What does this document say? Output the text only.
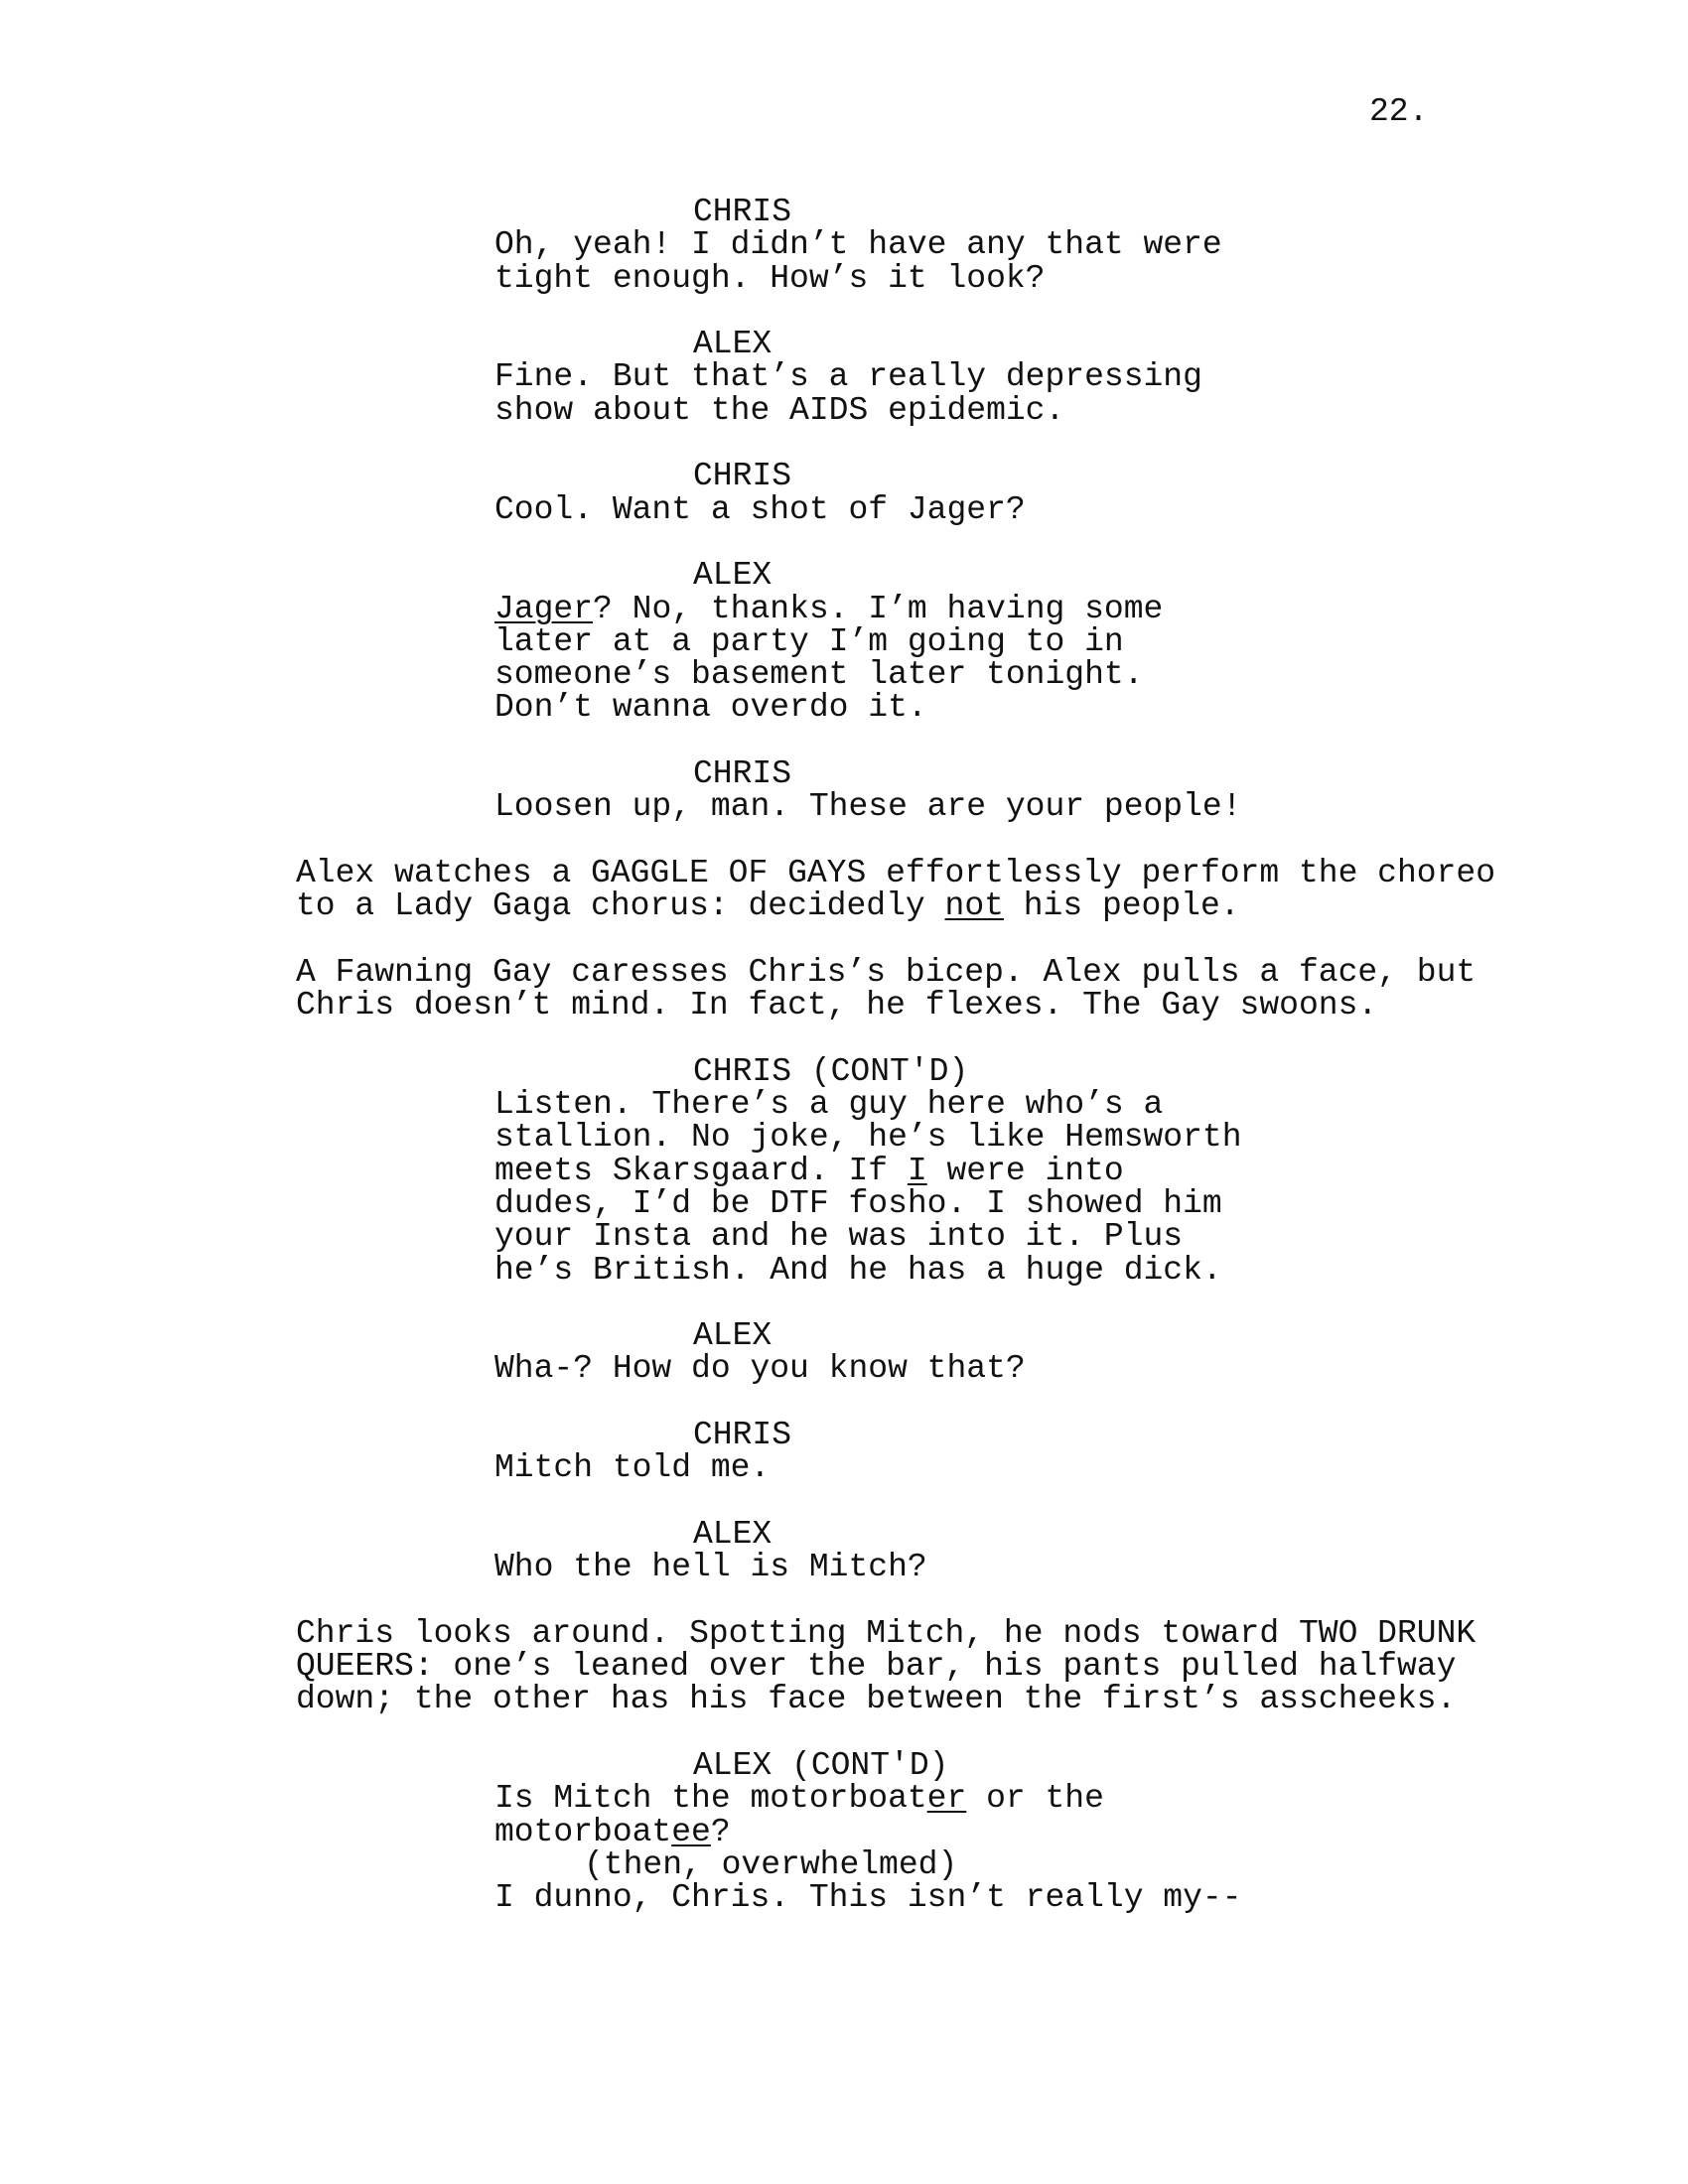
22.
CHRIS
Oh, yeah! I didn’t have any that were
tight enough. How’s it look?
ALEX
Fine. But that’s a really depressing
show about the AIDS epidemic.
CHRIS
Cool. Want a shot of Jager?
ALEX
Jager? No, thanks. I’m having some
later at a party I’m going to in
someone’s basement later tonight.
Don’t wanna overdo it.
CHRIS
Loosen up, man. These are your people!
Alex watches a GAGGLE OF GAYS effortlessly perform the choreo
to a Lady Gaga chorus: decidedly not his people.
A Fawning Gay caresses Chris’s bicep. Alex pulls a face, but
Chris doesn’t mind. In fact, he flexes. The Gay swoons.
CHRIS (CONT'D)
Listen. There’s a guy here who’s a
stallion. No joke, he’s like Hemsworth
meets Skarsgaard. If I were into
dudes, I’d be DTF fosho. I showed him
your Insta and he was into it. Plus
he’s British. And he has a huge dick.
ALEX
Wha-? How do you know that?
CHRIS
Mitch told me.
ALEX
Who the hell is Mitch?
Chris looks around. Spotting Mitch, he nods toward TWO DRUNK
QUEERS: one’s leaned over the bar, his pants pulled halfway
down; the other has his face between the first’s asscheeks.
ALEX (CONT'D)
Is Mitch the motorboater or the
motorboatee?
(then, overwhelmed)
I dunno, Chris. This isn’t really my--
